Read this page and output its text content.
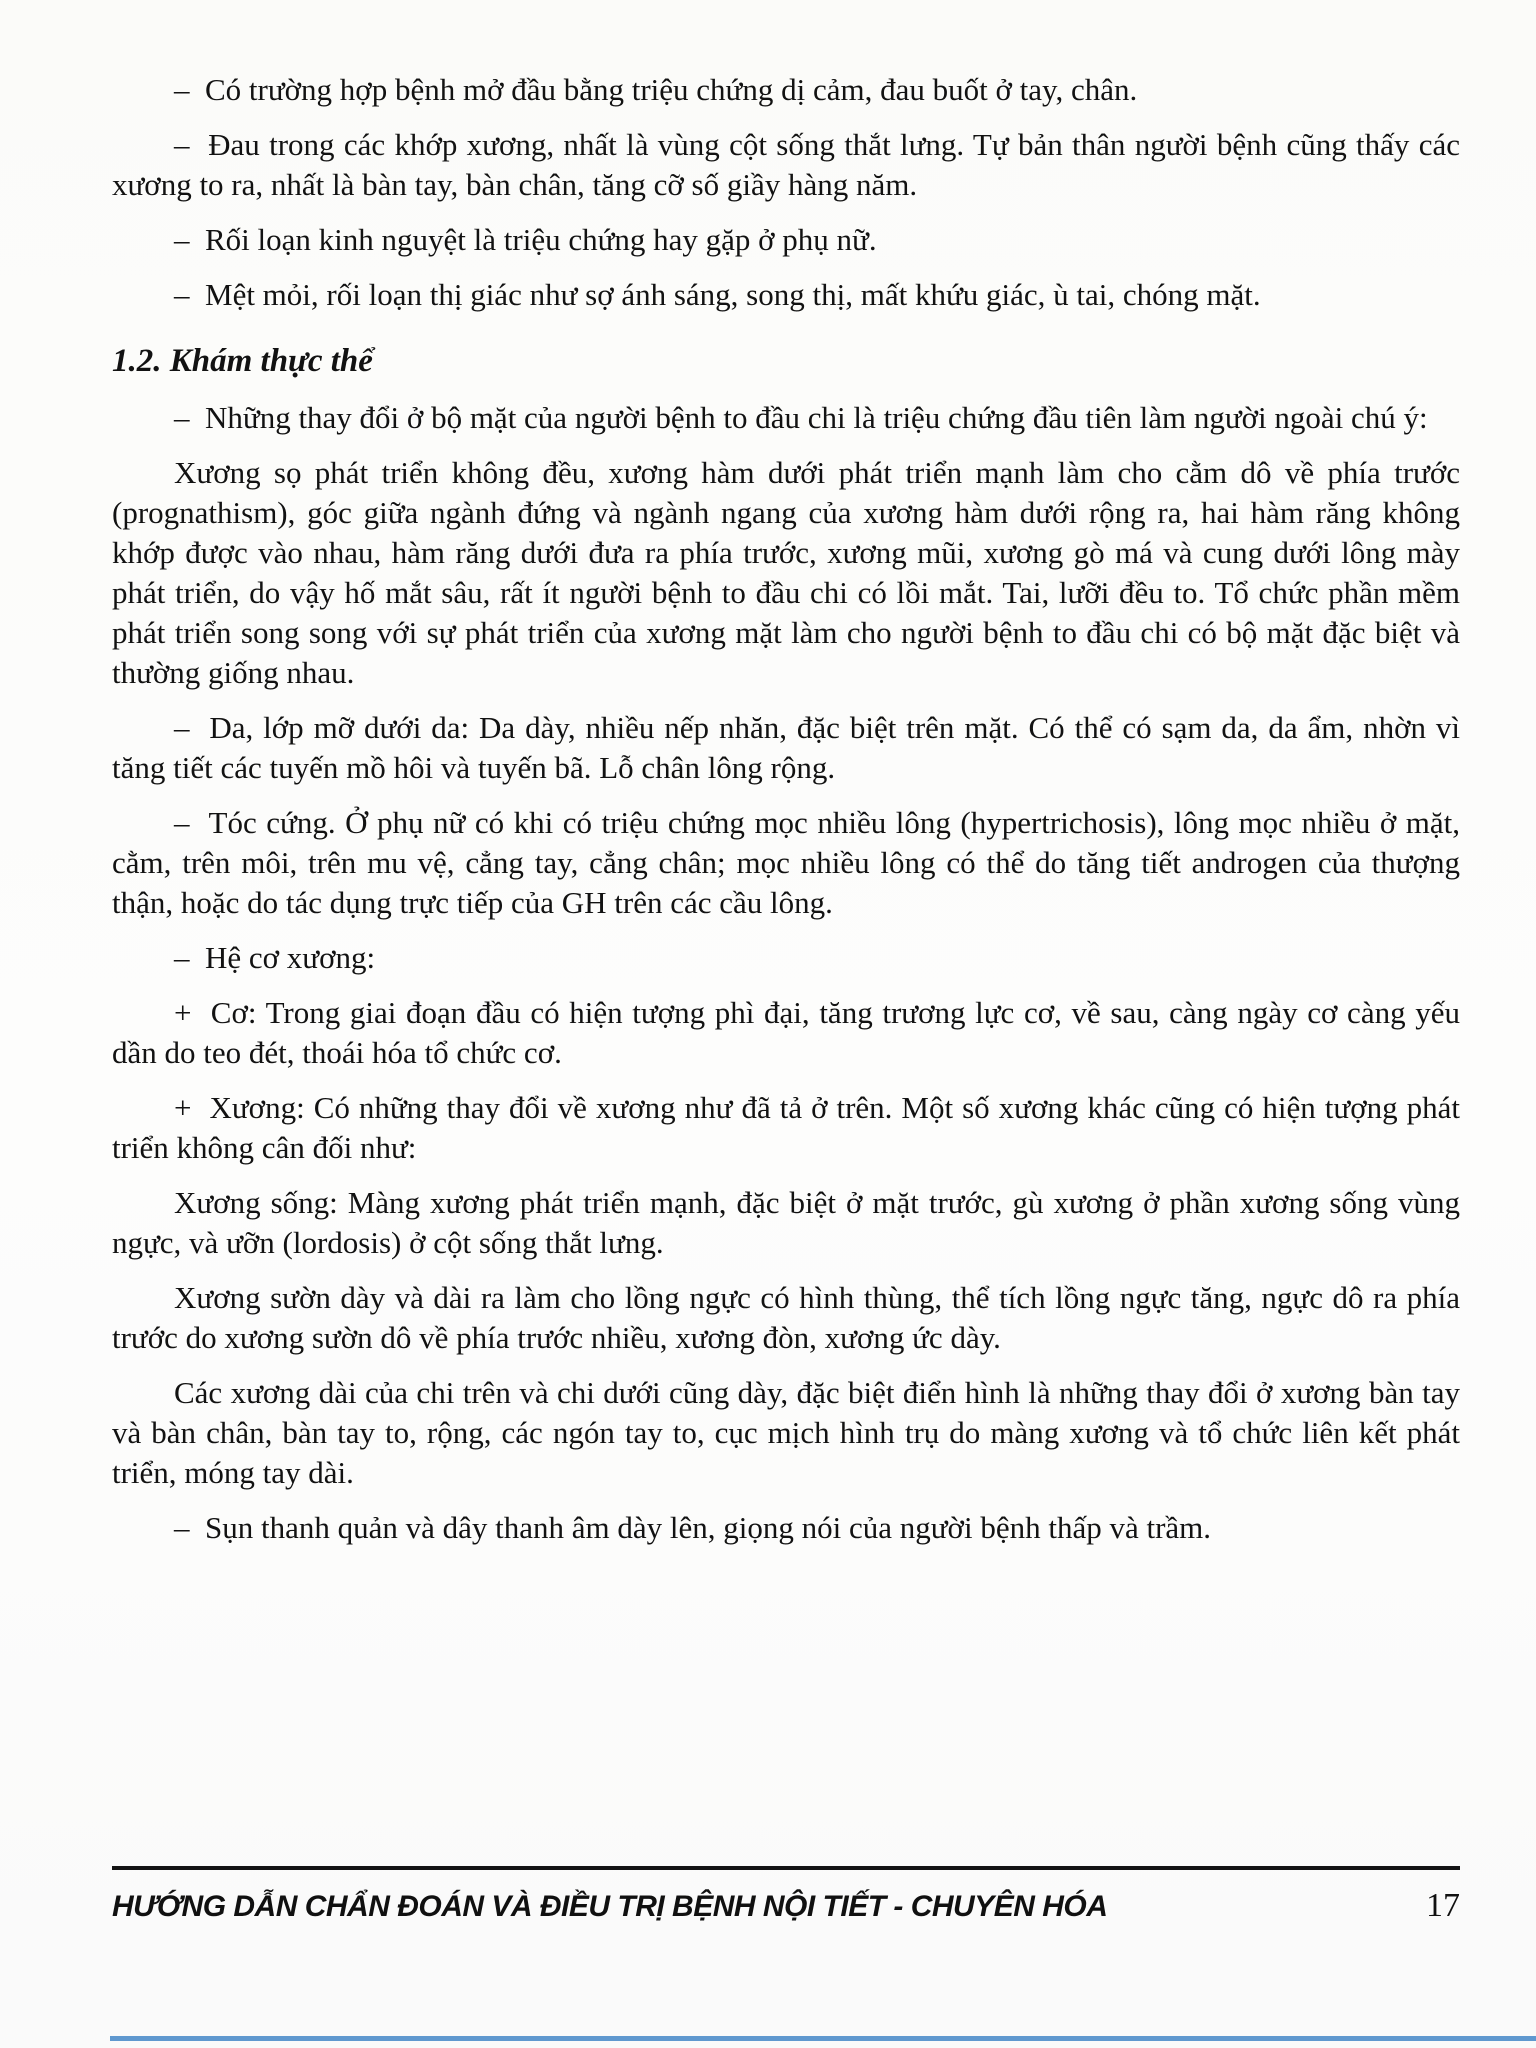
–  Có trường hợp bệnh mở đầu bằng triệu chứng dị cảm, đau buốt ở tay, chân.

–  Đau trong các khớp xương, nhất là vùng cột sống thắt lưng. Tự bản thân người bệnh cũng thấy các xương to ra, nhất là bàn tay, bàn chân, tăng cỡ số giầy hàng năm.

–  Rối loạn kinh nguyệt là triệu chứng hay gặp ở phụ nữ.

–  Mệt mỏi, rối loạn thị giác như sợ ánh sáng, song thị, mất khứu giác, ù tai, chóng mặt.

1.2. Khám thực thể

–  Những thay đổi ở bộ mặt của người bệnh to đầu chi là triệu chứng đầu tiên làm người ngoài chú ý:

Xương sọ phát triển không đều, xương hàm dưới phát triển mạnh làm cho cằm dô về phía trước (prognathism), góc giữa ngành đứng và ngành ngang của xương hàm dưới rộng ra, hai hàm răng không khớp được vào nhau, hàm răng dưới đưa ra phía trước, xương mũi, xương gò má và cung dưới lông mày phát triển, do vậy hố mắt sâu, rất ít người bệnh to đầu chi có lồi mắt. Tai, lưỡi đều to. Tổ chức phần mềm phát triển song song với sự phát triển của xương mặt làm cho người bệnh to đầu chi có bộ mặt đặc biệt và thường giống nhau.

–  Da, lớp mỡ dưới da: Da dày, nhiều nếp nhăn, đặc biệt trên mặt. Có thể có sạm da, da ẩm, nhờn vì tăng tiết các tuyến mồ hôi và tuyến bã. Lỗ chân lông rộng.

–  Tóc cứng. Ở phụ nữ có khi có triệu chứng mọc nhiều lông (hypertrichosis), lông mọc nhiều ở mặt, cằm, trên môi, trên mu vệ, cẳng tay, cẳng chân; mọc nhiều lông có thể do tăng tiết androgen của thượng thận, hoặc do tác dụng trực tiếp của GH trên các cầu lông.

–  Hệ cơ xương:

+  Cơ: Trong giai đoạn đầu có hiện tượng phì đại, tăng trương lực cơ, về sau, càng ngày cơ càng yếu dần do teo đét, thoái hóa tổ chức cơ.

+  Xương: Có những thay đổi về xương như đã tả ở trên. Một số xương khác cũng có hiện tượng phát triển không cân đối như:

Xương sống: Màng xương phát triển mạnh, đặc biệt ở mặt trước, gù xương ở phần xương sống vùng ngực, và ưỡn (lordosis) ở cột sống thắt lưng.

Xương sườn dày và dài ra làm cho lồng ngực có hình thùng, thể tích lồng ngực tăng, ngực dô ra phía trước do xương sườn dô về phía trước nhiều, xương đòn, xương ức dày.

Các xương dài của chi trên và chi dưới cũng dày, đặc biệt điển hình là những thay đổi ở xương bàn tay và bàn chân, bàn tay to, rộng, các ngón tay to, cục mịch hình trụ do màng xương và tổ chức liên kết phát triển, móng tay dài.

–  Sụn thanh quản và dây thanh âm dày lên, giọng nói của người bệnh thấp và trầm.

HƯỚNG DẪN CHẨN ĐOÁN VÀ ĐIỀU TRỊ BỆNH NỘI TIẾT - CHUYÊN HÓA	17
